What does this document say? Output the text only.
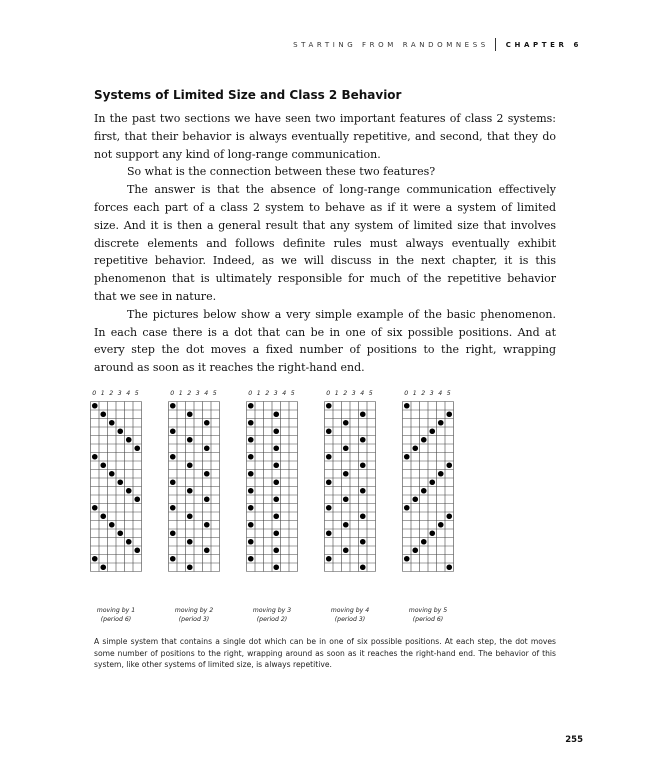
STARTING FROM RANDOMNESS CHAPTER 6
Systems of Limited Size and Class 2 Behavior

In the past two sections we have seen two important features of class 2 systems: first, that their behavior is always eventually repetitive, and second, that they do not support any kind of long-range communication.

So what is the connection between these two features?

The answer is that the absence of long-range communication effectively forces each part of a class 2 system to behave as if it were a system of limited size. And it is then a general result that any system of limited size that involves discrete elements and follows definite rules must always eventually exhibit repetitive behavior. Indeed, as we will discuss in the next chapter, it is this phenomenon that is ultimately responsible for much of the repetitive behavior that we see in nature.

The pictures below show a very simple example of the basic phenomenon. In each case there is a dot that can be in one of six possible positions. And at every step the dot moves a fixed number of positions to the right, wrapping around as soon as it reaches the right-hand end.

0 1 2 3 4 5
moving by 1
(period 6)
0 1 2 3 4 5
moving by 2
(period 3)
0 1 2 3 4 5
moving by 3
(period 2)
0 1 2 3 4 5
moving by 4
(period 3)
0 1 2 3 4 5
moving by 5
(period 6)

A simple system that contains a single dot which can be in one of six possible positions. At each step, the dot moves some number of positions to the right, wrapping around as soon as it reaches the right-hand end. The behavior of this system, like other systems of limited size, is always repetitive.

255
